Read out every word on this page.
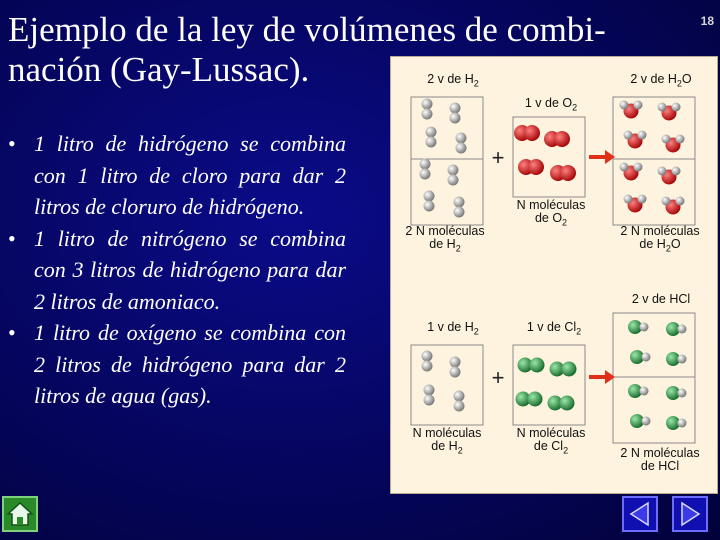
Ejemplo de la ley de volúmenes de combi-nación (Gay-Lussac).
18
• 1 litro de hidrógeno se combina con 1 litro de cloro para dar 2 litros de cloruro de hidrógeno.
• 1 litro de nitrógeno se combina con 3 litros de hidrógeno para dar 2 litros de amoniaco.
• 1 litro de oxígeno se combina con 2 litros de hidrógeno para dar 2 litros de agua (gas).
+
+
2 v de $H_2$
1 v de $O_2$
2 v de $H_2O$
2 N moléculas
de $H_2$
N moléculas
de $O_2$
2 N moléculas
de $H_2O$
1 v de $H_2$	1 v de $Cl_2$
2 v de HCl
N moléculas
de $H_2$
N moléculas
de $Cl_2$	2 N moléculas
de HCl
